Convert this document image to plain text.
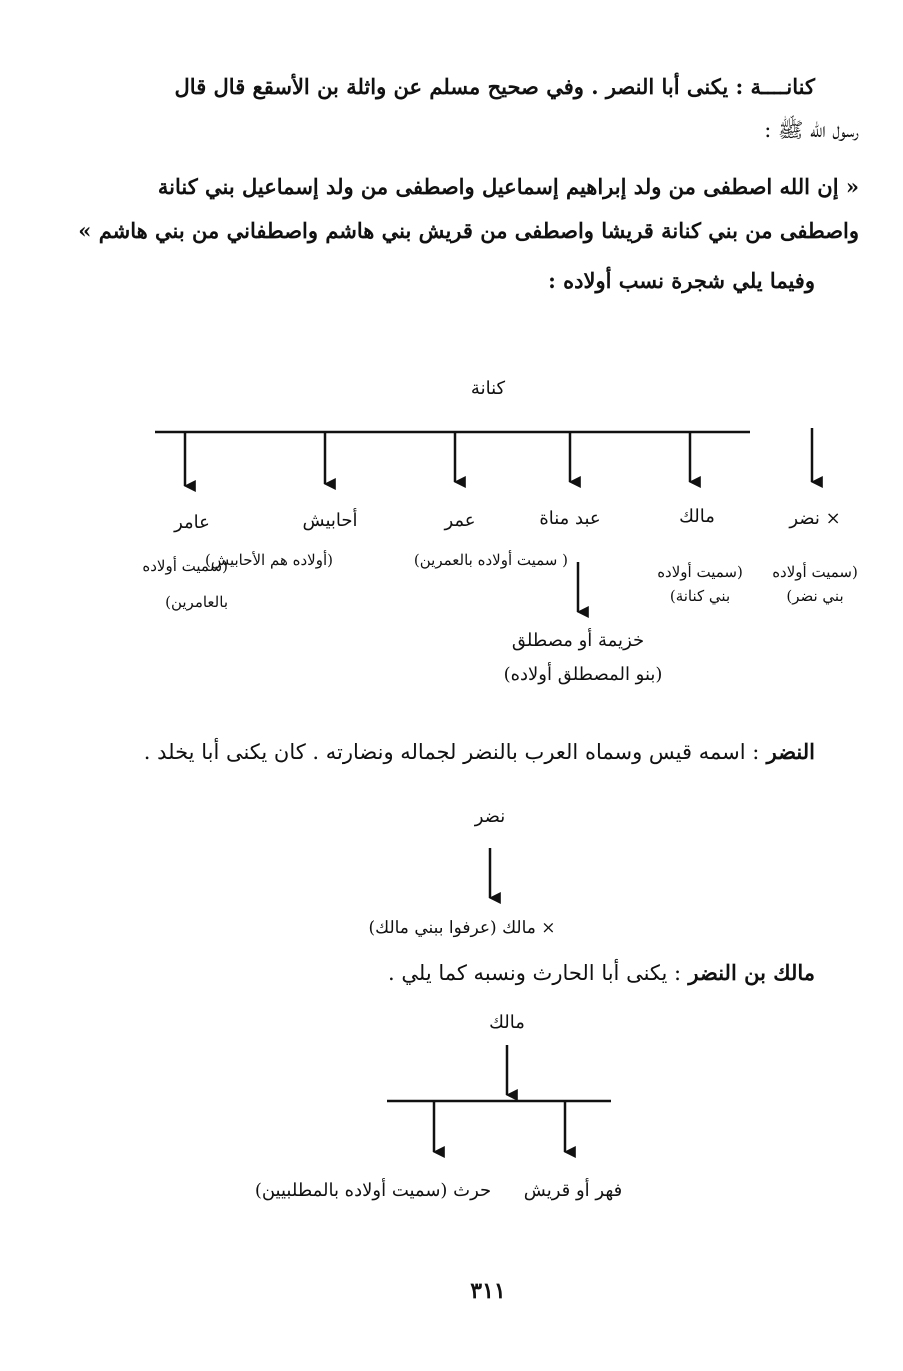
كنانــــة : يكنى أبا النصر . وفي صحيح مسلم عن واثلة بن الأسقع قال قال
رسول الله ﷺ :
« إن الله اصطفى من ولد إبراهيم إسماعيل واصطفى من ولد إسماعيل بني كنانة
واصطفى من بني كنانة قريشا واصطفى من قريش بني هاشم واصطفاني من بني هاشم »
وفيما يلي شجرة نسب أولاده :
كنانة
× نضر
(سميت أولاده
بني نضر)
مالك
(سميت أولاده
بني كنانة)
عبد مناة
عمر
( سميت أولاده بالعمرين)
أحابيش
(أولاده هم الأحابيش)
عامر
(سميت أولاده
بالعامرين)
خزيمة أو مصطلق
(بنو المصطلق أولاده)
النضر : اسمه قيس وسماه العرب بالنضر لجماله ونضارته . كان يكنى أبا يخلد .
نضر
× مالك (عرفوا ببني مالك)
مالك بن النضر : يكنى أبا الحارث ونسبه كما يلي .
مالك
فهر أو قريش
حرث (سميت أولاده بالمطلبيين)
٣١١
